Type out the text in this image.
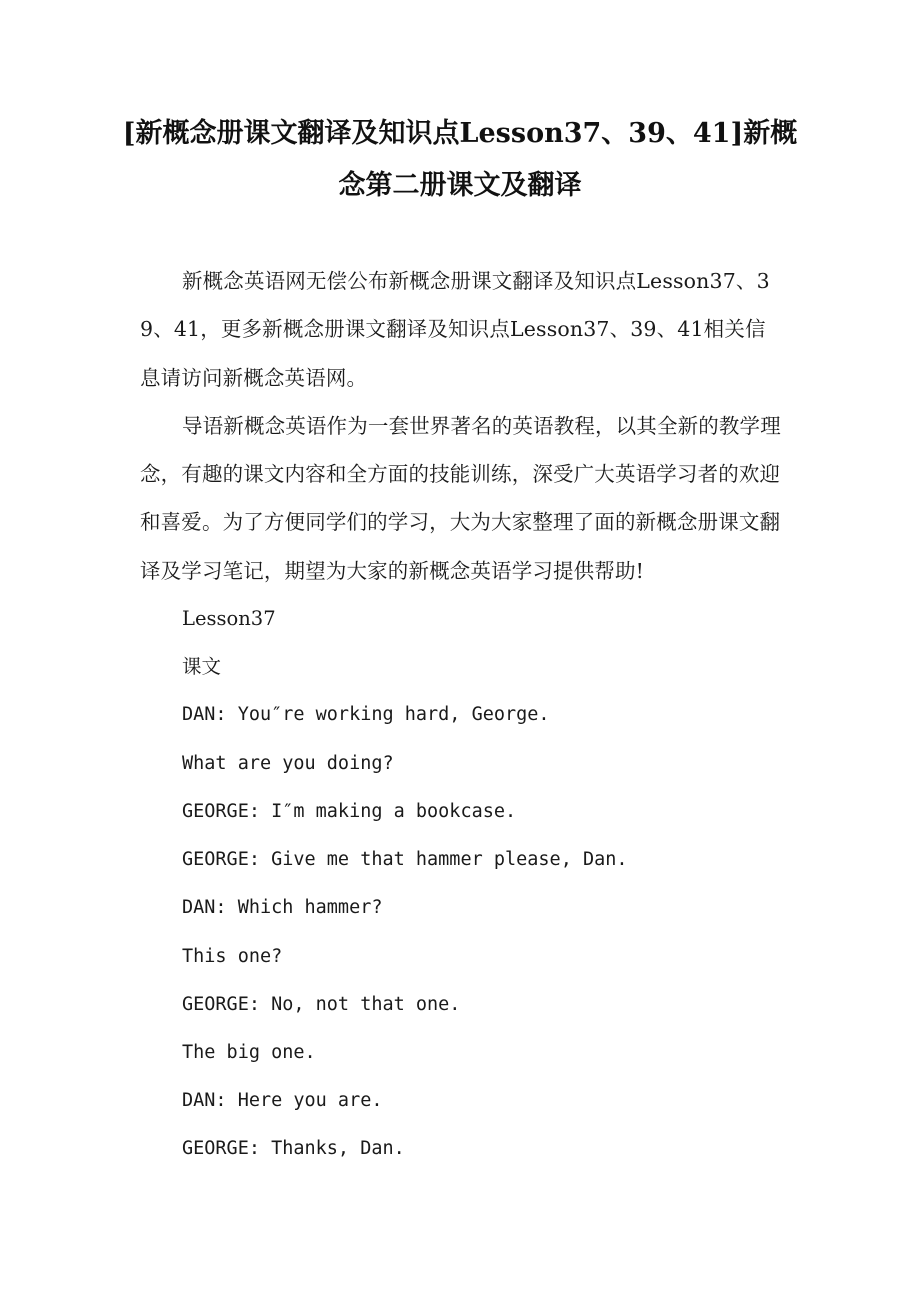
[新概念册课文翻译及知识点Lesson37、39、41]新概念第二册课文及翻译

新概念英语网无偿公布新概念册课文翻译及知识点Lesson37、39、41，更多新概念册课文翻译及知识点Lesson37、39、41相关信息请访问新概念英语网。

导语新概念英语作为一套世界著名的英语教程，以其全新的教学理念，有趣的课文内容和全方面的技能训练，深受广大英语学习者的欢迎和喜爱。为了方便同学们的学习，大为大家整理了面的新概念册课文翻译及学习笔记，期望为大家的新概念英语学习提供帮助!

Lesson37

课文

DAN: You″re working hard, George.

What are you doing?

GEORGE: I″m making a bookcase.

GEORGE: Give me that hammer please, Dan.

DAN: Which hammer?

This one?

GEORGE: No, not that one.

The big one.

DAN: Here you are.

GEORGE: Thanks, Dan.
